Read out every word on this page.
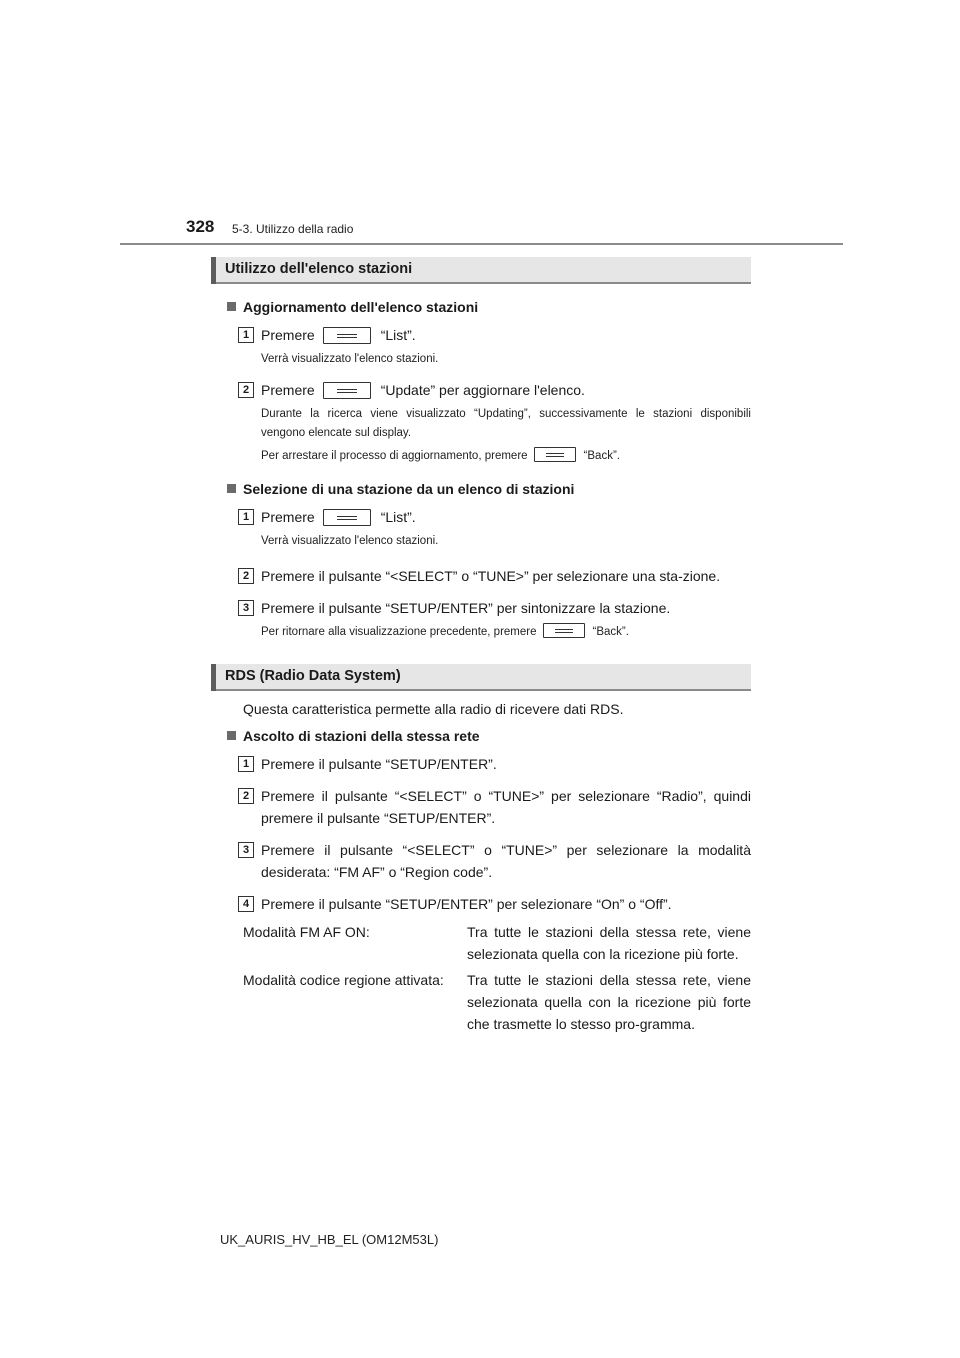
328 5-3. Utilizzo della radio
Utilizzo dell'elenco stazioni
Aggiornamento dell'elenco stazioni
1 Premere	“List”.
Verrà visualizzato l'elenco stazioni.
2 Premere	“Update” per aggiornare l'elenco.
Durante la ricerca viene visualizzato “Updating”, successivamente le stazioni disponibili vengono elencate sul display.
Per arrestare il processo di aggiornamento, premere	“Back”.
Selezione di una stazione da un elenco di stazioni
1 Premere	“List”.
Verrà visualizzato l'elenco stazioni.
2 Premere il pulsante “<SELECT” o “TUNE>” per selezionare una sta-zione.
3 Premere il pulsante “SETUP/ENTER” per sintonizzare la stazione.
Per ritornare alla visualizzazione precedente, premere	“Back”.
RDS (Radio Data System)
Questa caratteristica permette alla radio di ricevere dati RDS.
Ascolto di stazioni della stessa rete
1 Premere il pulsante “SETUP/ENTER”.
2 Premere il pulsante “<SELECT” o “TUNE>” per selezionare “Radio”, quindi premere il pulsante “SETUP/ENTER”.
3 Premere il pulsante “<SELECT” o “TUNE>” per selezionare la modalità desiderata: “FM AF” o “Region code”.
4 Premere il pulsante “SETUP/ENTER” per selezionare “On” o “Off”.
Modalità FM AF ON:	Tra tutte le stazioni della stessa rete, viene selezionata quella con la ricezione più forte.
Modalità codice regione attivata:	Tra tutte le stazioni della stessa rete, viene selezionata quella con la ricezione più forte che trasmette lo stesso pro-gramma.
UK_AURIS_HV_HB_EL (OM12M53L)
